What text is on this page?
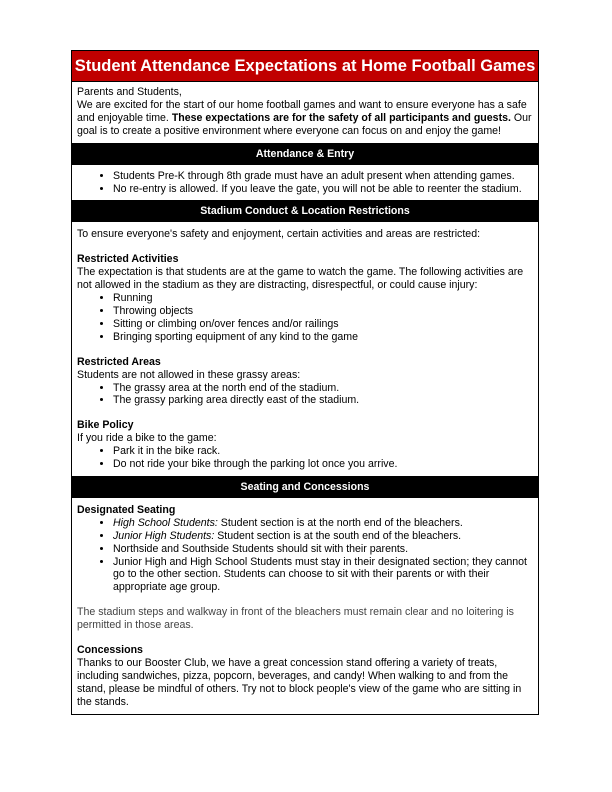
Student Attendance Expectations at Home Football Games

Parents and Students,

We are excited for the start of our home football games and want to ensure everyone has a safe and enjoyable time. These expectations are for the safety of all participants and guests. Our goal is to create a positive environment where everyone can focus on and enjoy the game!

Attendance & Entry
• Students Pre-K through 8th grade must have an adult present when attending games.
• No re-entry is allowed. If you leave the gate, you will not be able to reenter the stadium.
Stadium Conduct & Location Restrictions

To ensure everyone's safety and enjoyment, certain activities and areas are restricted:

Restricted Activities

The expectation is that students are at the game to watch the game. The following activities are not allowed in the stadium as they are distracting, disrespectful, or could cause injury:

• Running
• Throwing objects
• Sitting or climbing on/over fences and/or railings
• Bringing sporting equipment of any kind to the game

Restricted Areas

Students are not allowed in these grassy areas:

• The grassy area at the north end of the stadium.
• The grassy parking area directly east of the stadium.

Bike Policy

If you ride a bike to the game:

• Park it in the bike rack.
• Do not ride your bike through the parking lot once you arrive.
Seating and Concessions

Designated Seating

• High School Students: Student section is at the north end of the bleachers.
• Junior High Students: Student section is at the south end of the bleachers.
• Northside and Southside Students should sit with their parents.
• Junior High and High School Students must stay in their designated section; they cannot go to the other section. Students can choose to sit with their parents or with their appropriate age group.

The stadium steps and walkway in front of the bleachers must remain clear and no loitering is permitted in those areas.

Concessions

Thanks to our Booster Club, we have a great concession stand offering a variety of treats, including sandwiches, pizza, popcorn, beverages, and candy! When walking to and from the stand, please be mindful of others. Try not to block people's view of the game who are sitting in the stands.
